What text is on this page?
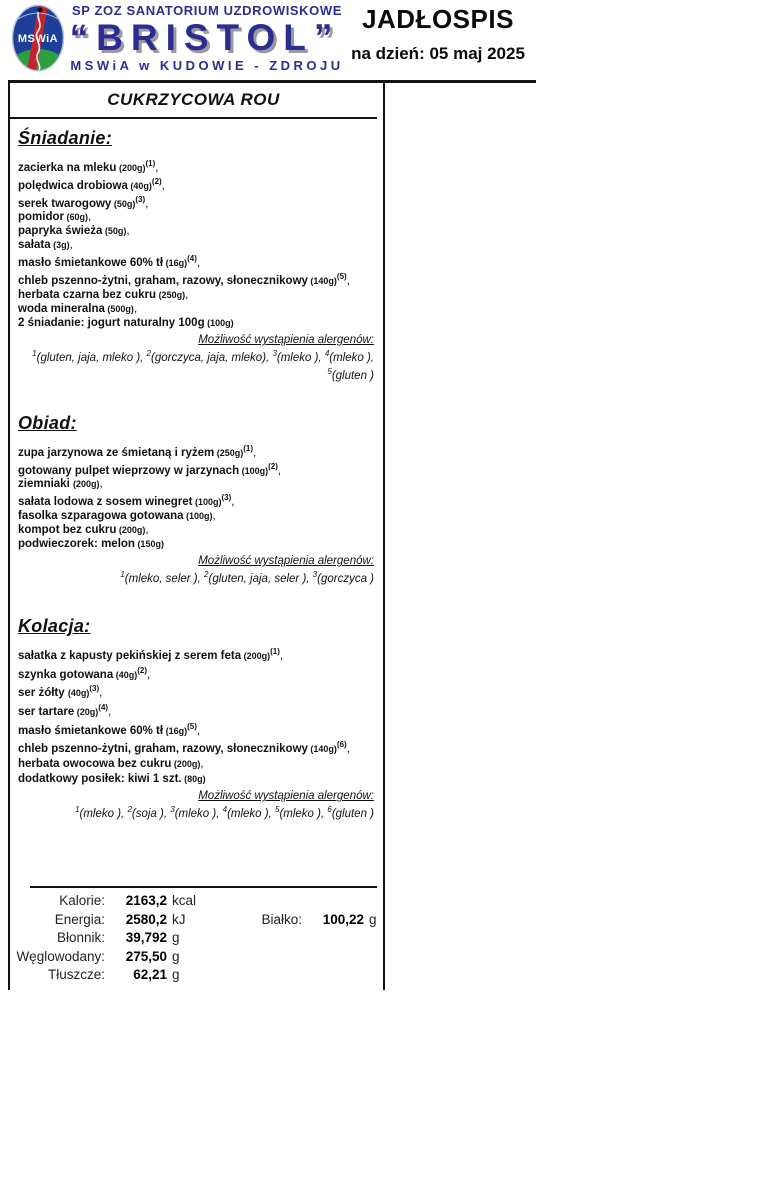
MSWiA
SP ZOZ SANATORIUM UZDROWISKOWE
“BRISTOL”
MSWiA w KUDOWIE - ZDROJU
JADŁOSPIS
na dzień: 05 maj 2025
CUKRZYCOWA ROU
Śniadanie:
zacierka na mleku $(200g)^{(1)}$,
polędwica drobiowa $(40g)^{(2)}$,
serek twarogowy $(50g)^{(3)}$,
pomidor (60g),
papryka świeża (50g),
sałata (3g),
masło śmietankowe 60% tł $(16g)^{(4)}$,
chleb pszenno-żytni, graham, razowy, słonecznikowy $(140g)^{(5)}$,
herbata czarna bez cukru (250g),
woda mineralna (500g),
2 śniadanie: jogurt naturalny 100g (100g)
Możliwość wystąpienia alergenów:
$^1$(gluten, jaja, mleko ), $^2$(gorczyca, jaja, mleko), $^3$(mleko ), $^4$(mleko ),
$^5$(gluten )
Obiad:
zupa jarzynowa ze śmietaną i ryżem $(250g)^{(1)}$,
gotowany pulpet wieprzowy w jarzynach $(100g)^{(2)}$,
ziemniaki (200g),
sałata lodowa z sosem winegret $(100g)^{(3)}$,
fasolka szparagowa gotowana (100g),
kompot bez cukru (200g),
podwieczorek: melon (150g)
Możliwość wystąpienia alergenów:
$^1$(mleko, seler ), $^2$(gluten, jaja, seler ), $^3$(gorczyca )
Kolacja:
sałatka z kapusty pekińskiej z serem feta $(200g)^{(1)}$,
szynka gotowana $(40g)^{(2)}$,
ser żółty $(40g)^{(3)}$,
ser tartare $(20g)^{(4)}$,
masło śmietankowe 60% tł $(16g)^{(5)}$,
chleb pszenno-żytni, graham, razowy, słonecznikowy $(140g)^{(6)}$,
herbata owocowa bez cukru (200g),
dodatkowy posiłek: kiwi 1 szt. (80g)
Możliwość wystąpienia alergenów:
$^1$(mleko ), $^2$(soja ), $^3$(mleko ), $^4$(mleko ), $^5$(mleko ), $^6$(gluten )
Kalorie:	2163,2 kcal
Energia:	2580,2 kJ	Białko:	100,22 g
Błonnik:	39,792 g
Węglowodany:	275,50 g
Tłuszcze:	62,21 g
